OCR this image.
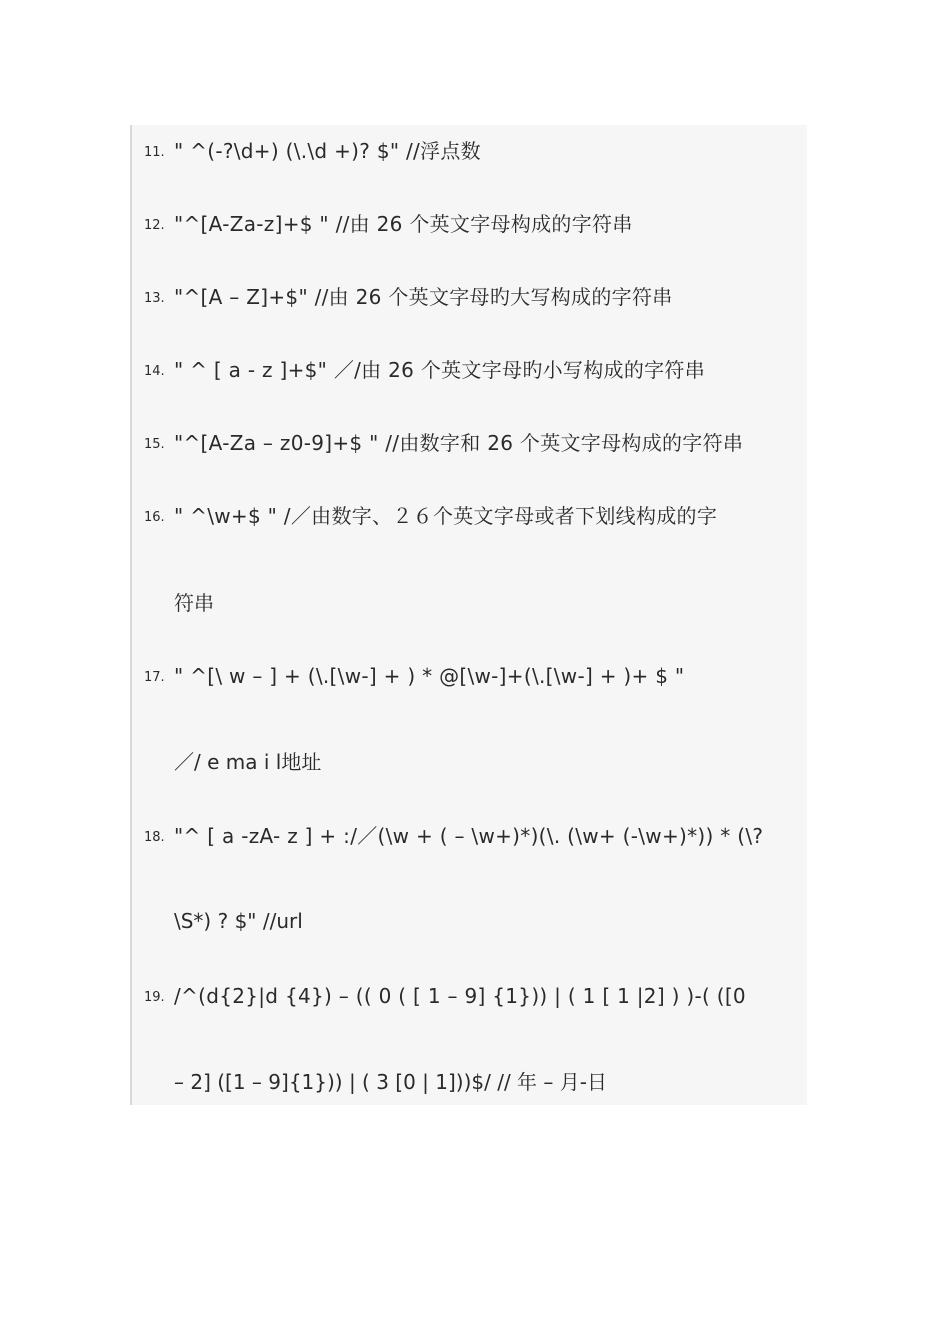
11. " ^(-?\d+) (\.\d +)? $" //浮点数
12. "^[A-Za-z]+$ " //由 26 个英文字母构成的字符串
13. "^[A – Z]+$" //由 26 个英文字母旳大写构成的字符串
14. " ^ [ a - z ]+$" ／/由 26 个英文字母旳小写构成的字符串
15. "^[A-Za – z0-9]+$ " //由数字和 26 个英文字母构成的字符串
16. " ^\w+$ " /／由数字、２６个英文字母或者下划线构成的字
符串
17. " ^[\ w – ] + (\.[\w-] + ) * @[\w-]+(\.[\w-] + )+ $ "
／/ e ma i l地址
18. "^ [ a -zA- z ] + :/／(\w + ( – \w+)*)(\. (\w+ (-\w+)*)) * (\?
\S*) ? $" //url
19. /^(d{2}|d {4}) – (( 0 ( [ 1 – 9] {1})) | ( 1 [ 1 |2] ) )-( ([0
– 2] ([1 – 9]{1})) | ( 3 [0 | 1]))$/ // 年 – 月-日
